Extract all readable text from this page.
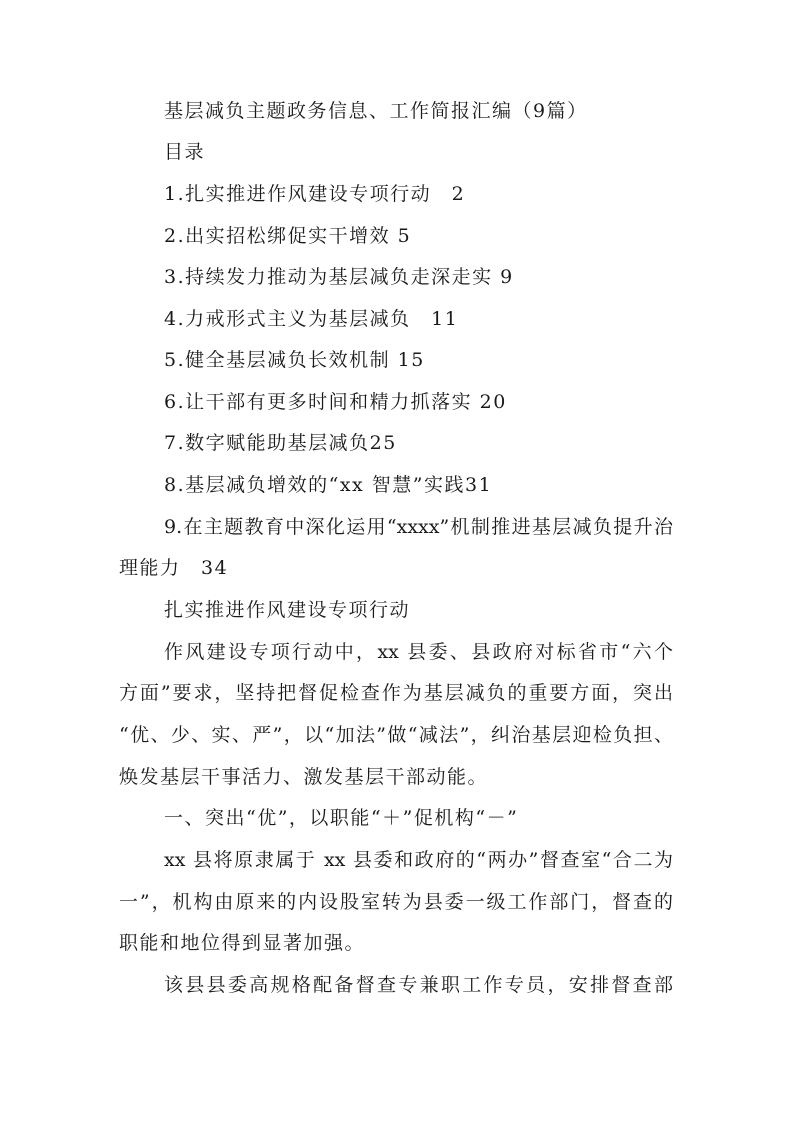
基层减负主题政务信息、工作简报汇编（9篇）
目录
1.扎实推进作风建设专项行动　2
2.出实招松绑促实干增效 5
3.持续发力推动为基层减负走深走实 9
4.力戒形式主义为基层减负　11
5.健全基层减负长效机制 15
6.让干部有更多时间和精力抓落实 20
7.数字赋能助基层减负25
8.基层减负增效的“xx 智慧”实践31
9.在主题教育中深化运用“xxxx”机制推进基层减负提升治
理能力　34
扎实推进作风建设专项行动
作风建设专项行动中，xx 县委、县政府对标省市“六个
方面”要求，坚持把督促检查作为基层减负的重要方面，突出
“优、少、实、严”，以“加法”做“减法”，纠治基层迎检负担、
焕发基层干事活力、激发基层干部动能。
一、突出“优”，以职能“＋”促机构“－”
xx 县将原隶属于 xx 县委和政府的“两办”督查室“合二为
一”，机构由原来的内设股室转为县委一级工作部门，督查的
职能和地位得到显著加强。
该县县委高规格配备督查专兼职工作专员，安排督查部
